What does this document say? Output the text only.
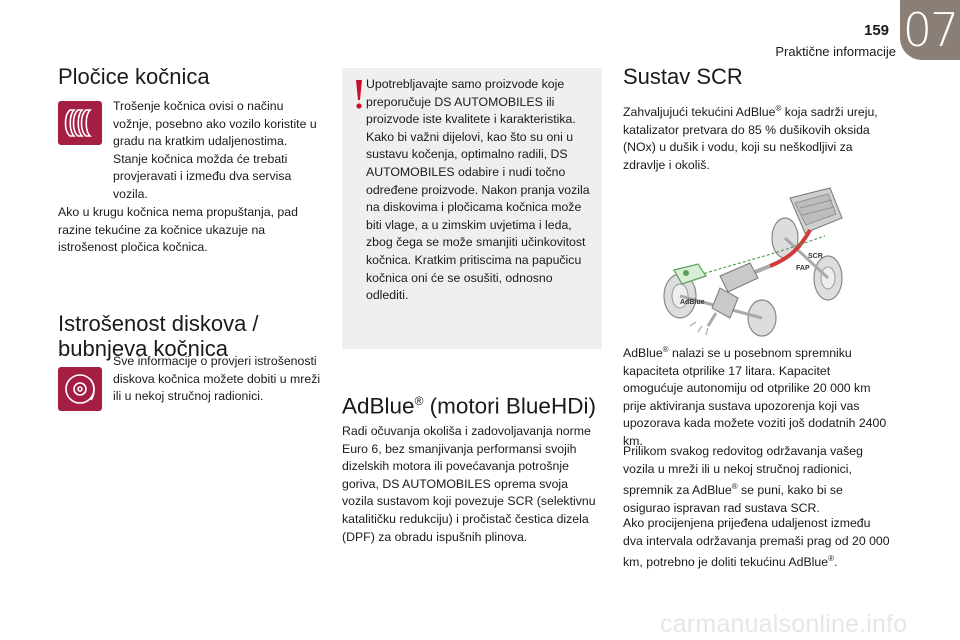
159
Praktične informacije 07
Pločice kočnica
Trošenje kočnica ovisi o načinu vožnje, posebno ako vozilo koristite u gradu na kratkim udaljenostima. Stanje kočnica možda će trebati provjeravati i između dva servisa vozila.
Ako u krugu kočnica nema propuštanja, pad razine tekućine za kočnice ukazuje na istrošenost pločica kočnica.
Istrošenost diskova / bubnjeva kočnica
Sve informacije o provjeri istrošenosti diskova kočnica možete dobiti u mreži ili u nekoj stručnoj radionici.
Upotrebljavajte samo proizvode koje preporučuje DS AUTOMOBILES ili proizvode iste kvalitete i karakteristika. Kako bi važni dijelovi, kao što su oni u sustavu kočenja, optimalno radili, DS AUTOMOBILES odabire i nudi točno određene proizvode. Nakon pranja vozila na diskovima i pločicama kočnica može biti vlage, a u zimskim uvjetima i leda, zbog čega se može smanjiti učinkovitost kočnica. Kratkim pritiscima na papučicu kočnica oni će se osušiti, odnosno odlediti.
AdBlue® (motori BlueHDi)
Radi očuvanja okoliša i zadovoljavanja norme Euro 6, bez smanjivanja performansi svojih dizelskih motora ili povećavanja potrošnje goriva, DS AUTOMOBILES oprema svoja vozila sustavom koji povezuje SCR (selektivnu katalitičku redukciju) i pročistač čestica dizela (DPF) za obradu ispušnih plinova.
Sustav SCR
Zahvaljujući tekućini AdBlue® koja sadrži ureju, katalizator pretvara do 85 % dušikovih oksida (NOx) u dušik i vodu, koji su neškodljivi za zdravlje i okoliš.
SCR
FAP
AdBlue
AdBlue® nalazi se u posebnom spremniku kapaciteta otprilike 17 litara. Kapacitet omogućuje autonomiju od otprilike 20 000 km prije aktiviranja sustava upozorenja koji vas upozorava kada možete voziti još dodatnih 2400 km.
Prilikom svakog redovitog održavanja vašeg vozila u mreži ili u nekoj stručnoj radionici, spremnik za AdBlue® se puni, kako bi se osigurao ispravan rad sustava SCR.
Ako procijenjena prijeđena udaljenost između dva intervala održavanja premaši prag od 20 000 km, potrebno je doliti tekućinu AdBlue®.
carmanualsonline.info
